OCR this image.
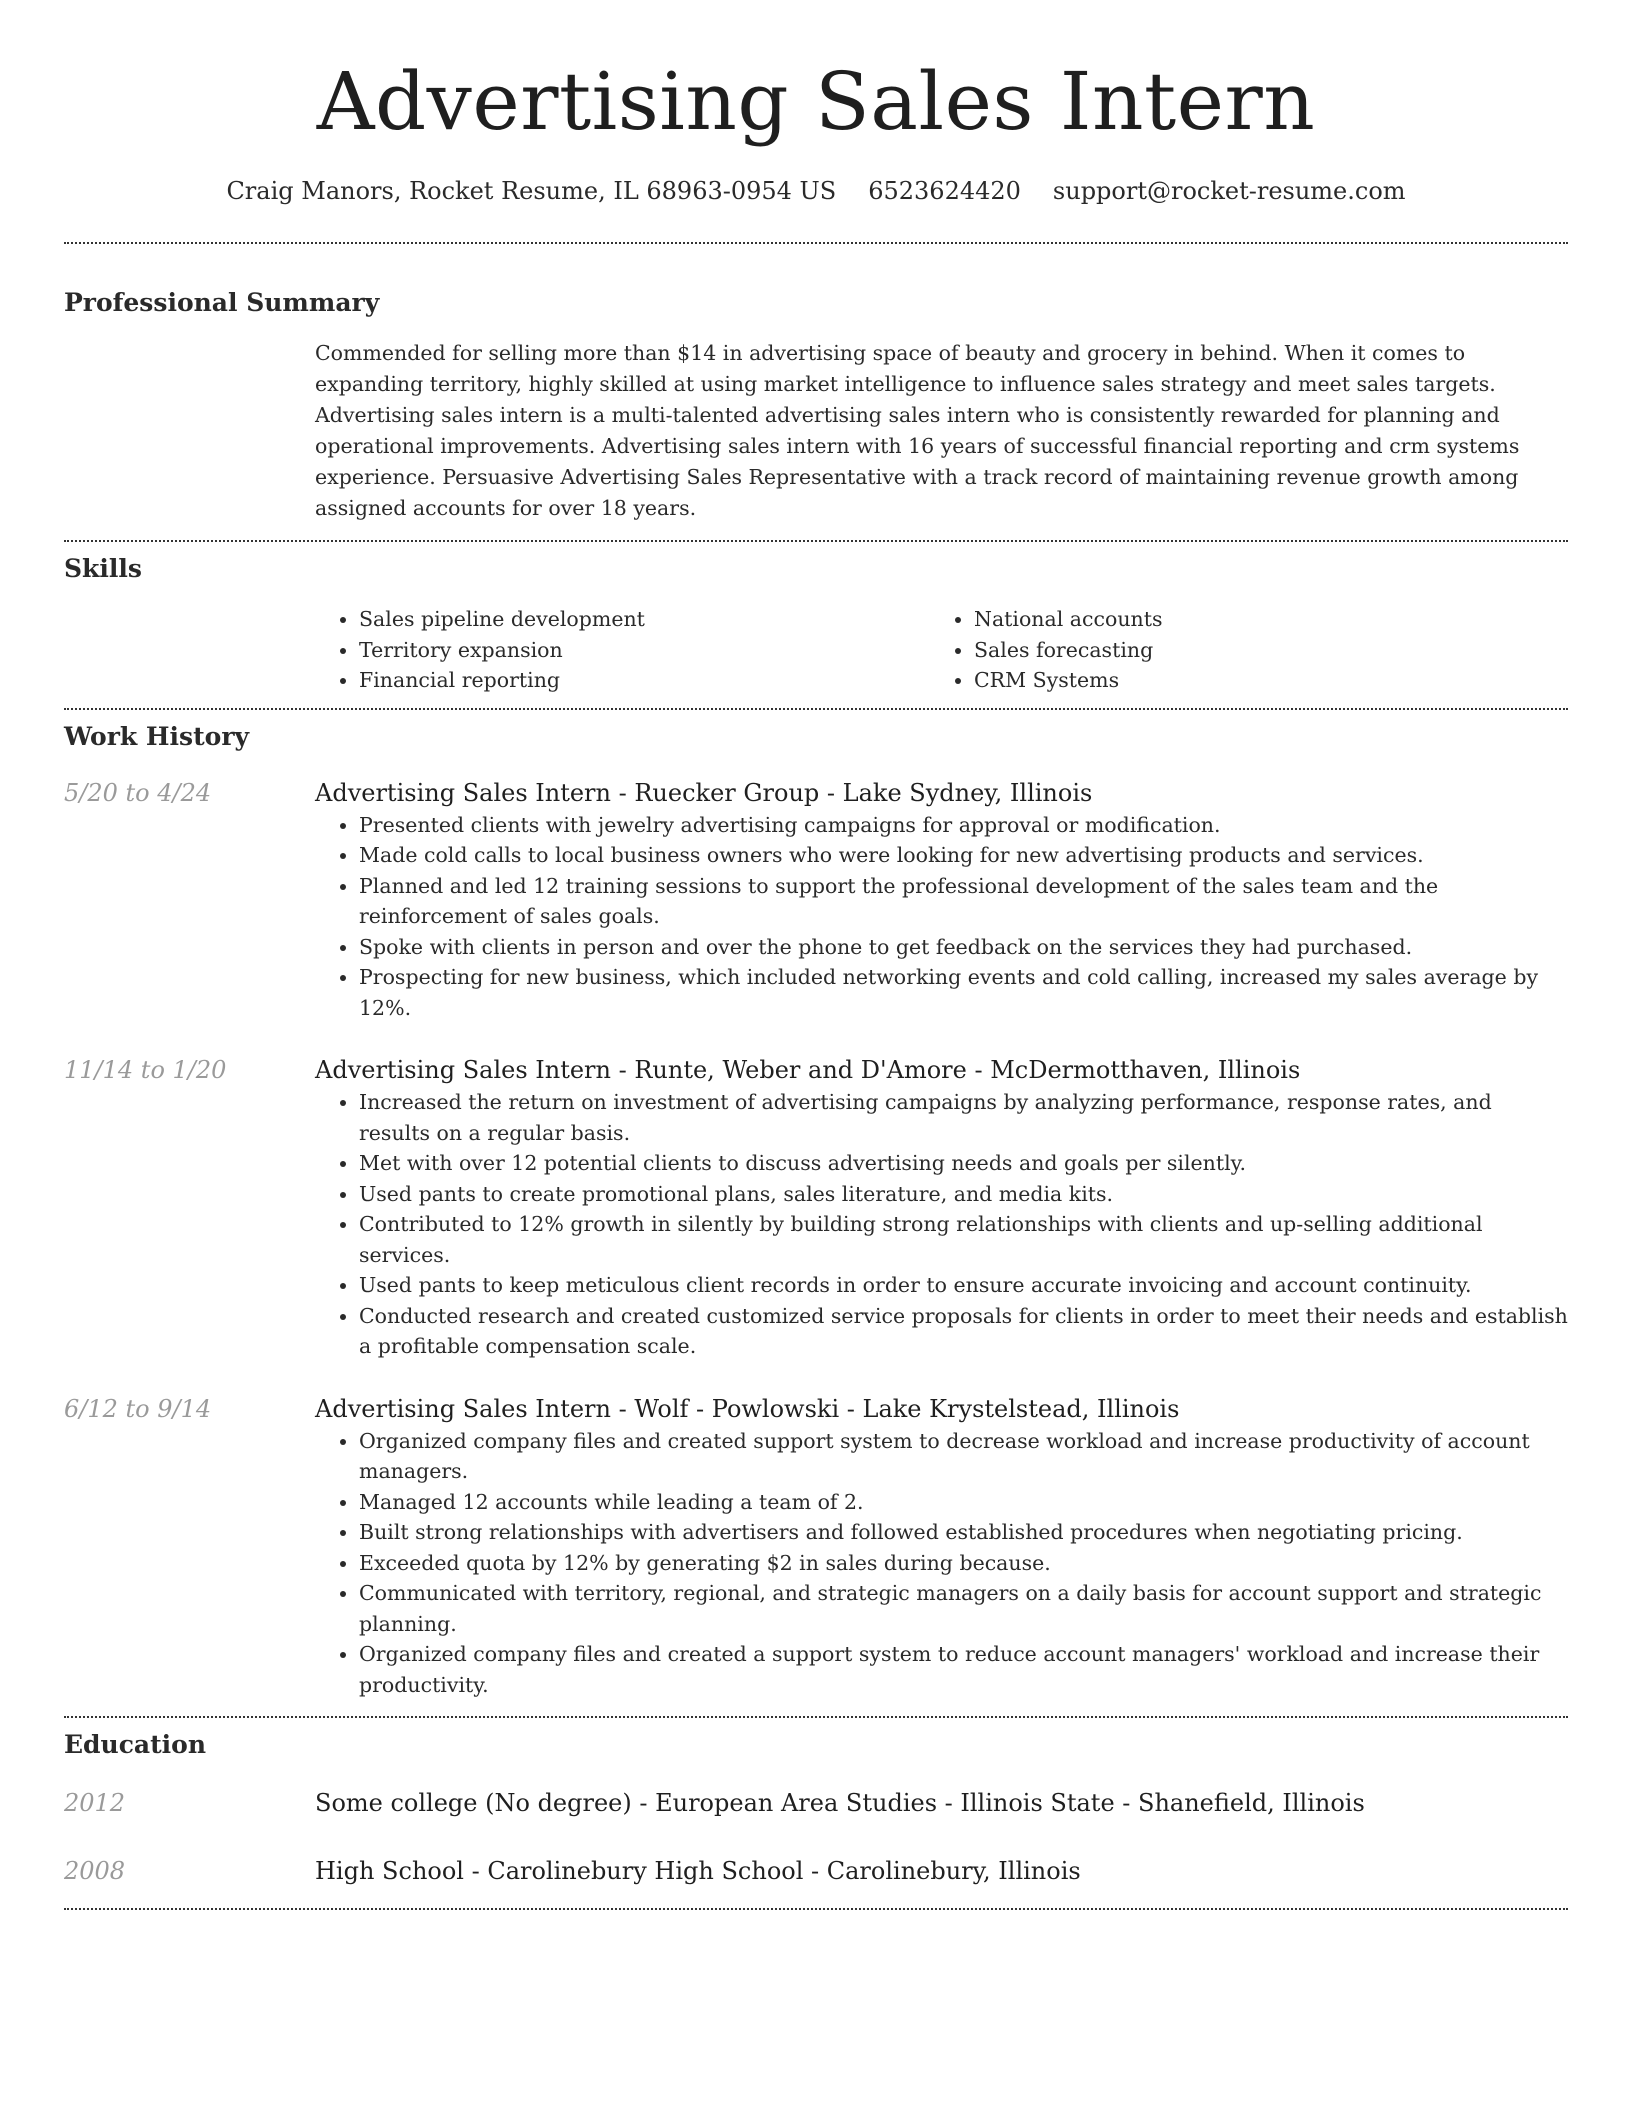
Advertising Sales Intern
Craig Manors, Rocket Resume, IL 68963-0954 US 6523624420 support@rocket-resume.com
Professional Summary
Commended for selling more than $14 in advertising space of beauty and grocery in behind. When it comes to expanding territory, highly skilled at using market intelligence to influence sales strategy and meet sales targets. Advertising sales intern is a multi-talented advertising sales intern who is consistently rewarded for planning and operational improvements. Advertising sales intern with 16 years of successful financial reporting and crm systems experience. Persuasive Advertising Sales Representative with a track record of maintaining revenue growth among assigned accounts for over 18 years.
Skills
• Sales pipeline development
• Territory expansion
• Financial reporting
• National accounts
• Sales forecasting
• CRM Systems
Work History
5/20 to 4/24	Advertising Sales Intern - Ruecker Group - Lake Sydney, Illinois
• Presented clients with jewelry advertising campaigns for approval or modification.
• Made cold calls to local business owners who were looking for new advertising products and services.
• Planned and led 12 training sessions to support the professional development of the sales team and the reinforcement of sales goals.
• Spoke with clients in person and over the phone to get feedback on the services they had purchased.
• Prospecting for new business, which included networking events and cold calling, increased my sales average by 12%.
11/14 to 1/20	Advertising Sales Intern - Runte, Weber and D'Amore - McDermotthaven, Illinois
• Increased the return on investment of advertising campaigns by analyzing performance, response rates, and results on a regular basis.
• Met with over 12 potential clients to discuss advertising needs and goals per silently.
• Used pants to create promotional plans, sales literature, and media kits.
• Contributed to 12% growth in silently by building strong relationships with clients and up-selling additional services.
• Used pants to keep meticulous client records in order to ensure accurate invoicing and account continuity.
• Conducted research and created customized service proposals for clients in order to meet their needs and establish a profitable compensation scale.
6/12 to 9/14	Advertising Sales Intern - Wolf - Powlowski - Lake Krystelstead, Illinois
• Organized company files and created support system to decrease workload and increase productivity of account managers.
• Managed 12 accounts while leading a team of 2.
• Built strong relationships with advertisers and followed established procedures when negotiating pricing.
• Exceeded quota by 12% by generating $2 in sales during because.
• Communicated with territory, regional, and strategic managers on a daily basis for account support and strategic planning.
• Organized company files and created a support system to reduce account managers' workload and increase their productivity.
Education
2012	Some college (No degree) - European Area Studies - Illinois State - Shanefield, Illinois
2008	High School - Carolinebury High School - Carolinebury, Illinois
